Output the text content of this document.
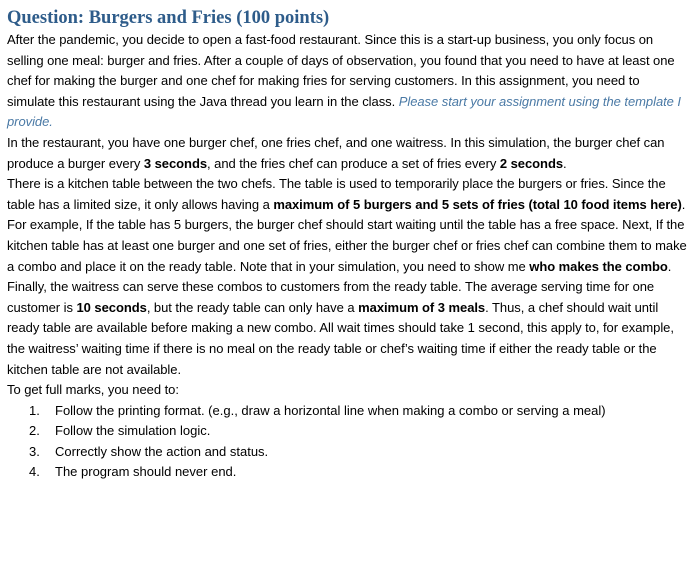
Question: Burgers and Fries (100 points)

After the pandemic, you decide to open a fast-food restaurant. Since this is a start-up business, you only focus on selling one meal: burger and fries. After a couple of days of observation, you found that you need to have at least one chef for making the burger and one chef for making fries for serving customers. In this assignment, you need to simulate this restaurant using the Java thread you learn in the class. Please start your assignment using the template I provide.

In the restaurant, you have one burger chef, one fries chef, and one waitress. In this simulation, the burger chef can produce a burger every 3 seconds, and the fries chef can produce a set of fries every 2 seconds.

There is a kitchen table between the two chefs. The table is used to temporarily place the burgers or fries. Since the table has a limited size, it only allows having a maximum of 5 burgers and 5 sets of fries (total 10 food items here). For example, If the table has 5 burgers, the burger chef should start waiting until the table has a free space. Next, If the kitchen table has at least one burger and one set of fries, either the burger chef or fries chef can combine them to make a combo and place it on the ready table. Note that in your simulation, you need to show me who makes the combo.

Finally, the waitress can serve these combos to customers from the ready table. The average serving time for one customer is 10 seconds, but the ready table can only have a maximum of 3 meals. Thus, a chef should wait until ready table are available before making a new combo. All wait times should take 1 second, this apply to, for example, the waitress’ waiting time if there is no meal on the ready table or chef’s waiting time if either the ready table or the kitchen table are not available.

To get full marks, you need to:

1.	Follow the printing format. (e.g., draw a horizontal line when making a combo or serving a meal)
2.	Follow the simulation logic.
3.	Correctly show the action and status.
4.	The program should never end.
